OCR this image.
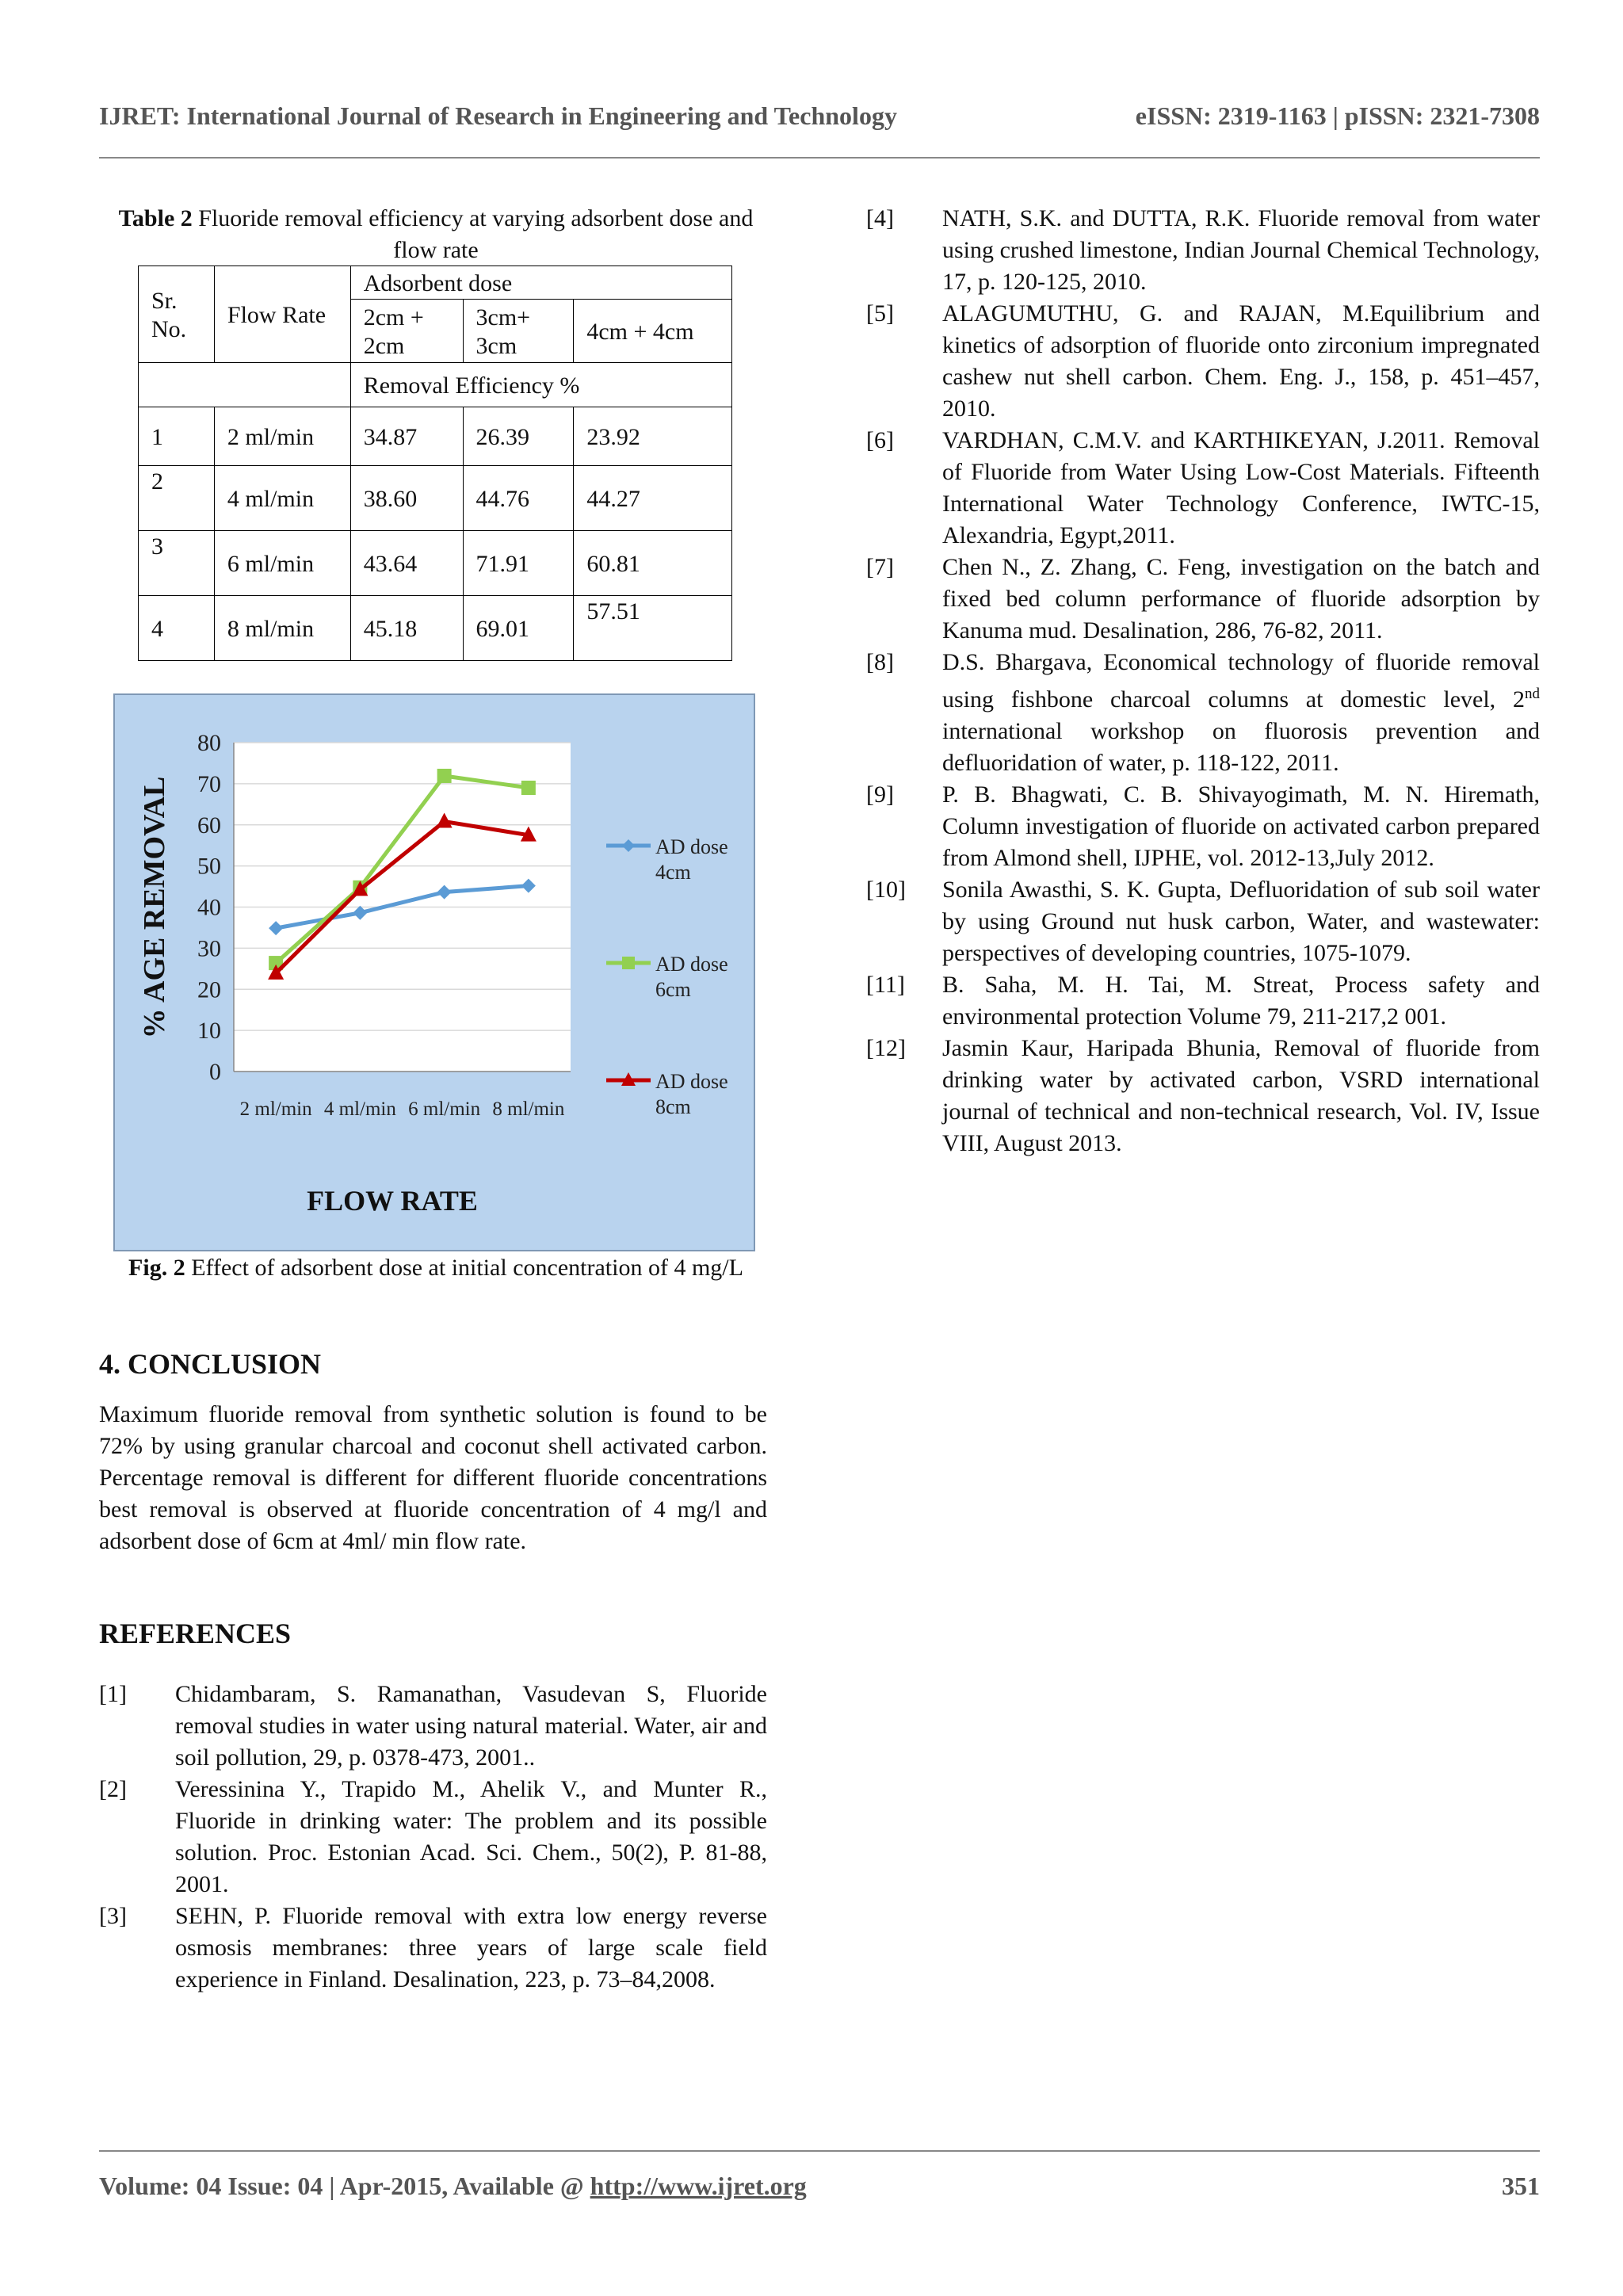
IJRET: International Journal of Research in Engineering and Technology	eISSN: 2319-1163 | pISSN: 2321-7308
Table 2 Fluoride removal efficiency at varying adsorbent dose and flow rate
Sr. No.	Flow Rate	Adsorbent dose		
		2cm + 2cm	3cm+ 3cm	4cm + 4cm
		Removal Efficiency %		
1	2 ml/min	34.87	26.39	23.92
2	4 ml/min	38.60	44.76	44.27
3	6 ml/min	43.64	71.91	60.81
4	8 ml/min	45.18	69.01	57.51
0
10
20
30
40
50
60
70
80
2 ml/min 4 ml/min 6 ml/min 8 ml/min
AD dose 4cm
AD dose 6cm
AD dose 8cm
FLOW RATE
% AGE REMOVAL
Fig. 2 Effect of adsorbent dose at initial concentration of 4 mg/L
4. CONCLUSION
Maximum fluoride removal from synthetic solution is found to be 72% by using granular charcoal and coconut shell activated carbon. Percentage removal is different for different fluoride concentrations best removal is observed at fluoride concentration of 4 mg/l and adsorbent dose of 6cm at 4ml/ min flow rate.
REFERENCES
[1]	Chidambaram, S. Ramanathan, Vasudevan S, Fluoride removal studies in water using natural material. Water, air and soil pollution, 29, p. 0378-473, 2001..
[2]	Veressinina Y., Trapido M., Ahelik V., and Munter R., Fluoride in drinking water: The problem and its possible solution. Proc. Estonian Acad. Sci. Chem., 50(2), P. 81-88, 2001.
[3]	SEHN, P. Fluoride removal with extra low energy reverse osmosis membranes: three years of large scale field experience in Finland. Desalination, 223, p. 73–84,2008.
[4]	NATH, S.K. and DUTTA, R.K. Fluoride removal from water using crushed limestone, Indian Journal Chemical Technology, 17, p. 120-125, 2010.
[5]	ALAGUMUTHU, G. and RAJAN, M.Equilibrium and kinetics of adsorption of fluoride onto zirconium impregnated cashew nut shell carbon. Chem. Eng. J., 158, p. 451–457, 2010.
[6]	VARDHAN, C.M.V. and KARTHIKEYAN, J.2011. Removal of Fluoride from Water Using Low-Cost Materials. Fifteenth International Water Technology Conference, IWTC-15, Alexandria, Egypt,2011.
[7]	Chen N., Z. Zhang, C. Feng, investigation on the batch and fixed bed column performance of fluoride adsorption by Kanuma mud. Desalination, 286, 76-82, 2011.
[8]	D.S. Bhargava, Economical technology of fluoride removal using fishbone charcoal columns at domestic level, 2nd international workshop on fluorosis prevention and defluoridation of water, p. 118-122, 2011.
[9]	P. B. Bhagwati, C. B. Shivayogimath, M. N. Hiremath, Column investigation of fluoride on activated carbon prepared from Almond shell, IJPHE, vol. 2012-13,July 2012.
[10]	Sonila Awasthi, S. K. Gupta, Defluoridation of sub soil water by using Ground nut husk carbon, Water, and wastewater: perspectives of developing countries, 1075-1079.
[11]	B. Saha, M. H. Tai, M. Streat, Process safety and environmental protection Volume 79, 211-217,2 001.
[12]	Jasmin Kaur, Haripada Bhunia, Removal of fluoride from drinking water by activated carbon, VSRD international journal of technical and non-technical research, Vol. IV, Issue VIII, August 2013.
Volume: 04 Issue: 04 | Apr-2015, Available @ http://www.ijret.org	351
